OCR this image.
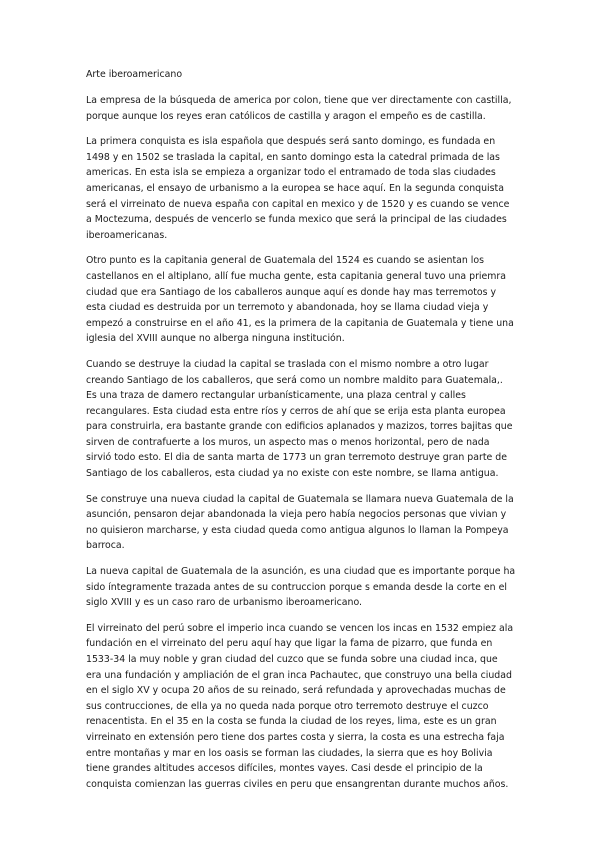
Arte iberoamericano

La empresa de la búsqueda de america por colon, tiene que ver directamente con castilla, porque aunque los reyes eran católicos de castilla y aragon el empeño es de castilla.

La primera conquista es isla española que después será santo domingo, es fundada en 1498 y en 1502 se traslada la capital, en santo domingo esta la catedral primada de las americas. En esta isla se empieza a organizar todo el entramado de toda slas ciudades americanas, el ensayo de urbanismo a la europea se hace aquí. En la segunda conquista será el virreinato de nueva españa con capital en mexico y de 1520 y es cuando se vence a Moctezuma, después de vencerlo se funda mexico que será la principal de las ciudades iberoamericanas.

Otro punto es la capitania general de Guatemala del 1524 es cuando se asientan los castellanos en el altiplano, allí fue mucha gente, esta capitania general tuvo una priemra ciudad que era Santiago de los caballeros aunque aquí es donde hay mas terremotos y esta ciudad es destruida por un terremoto y abandonada, hoy se llama ciudad vieja y empezó a construirse en el año 41, es la primera de la capitania de Guatemala y tiene una iglesia del XVIII aunque no alberga ninguna institución.

Cuando se destruye la ciudad la capital se traslada con el mismo nombre a otro lugar creando Santiago de los caballeros, que será como un nombre maldito para Guatemala,. Es una traza de damero rectangular urbanísticamente, una plaza central y calles recangulares. Esta ciudad esta entre ríos y cerros de ahí que se erija esta planta europea para construirla, era bastante grande con edificios aplanados y mazizos, torres bajitas que sirven de contrafuerte a los muros, un aspecto mas o menos horizontal, pero de nada sirvió todo esto. El dia de santa marta de 1773 un gran terremoto destruye gran parte de Santiago de los caballeros, esta ciudad ya no existe con este nombre, se llama antigua.

Se construye una nueva ciudad la capital de Guatemala se llamara nueva Guatemala de la asunción, pensaron dejar abandonada la vieja pero había negocios personas que vivian y no quisieron marcharse, y esta ciudad queda como antigua algunos lo llaman la Pompeya barroca.

La nueva capital de Guatemala de la asunción, es una ciudad que es importante porque ha sido íntegramente trazada antes de su contruccion porque s emanda desde la corte en el siglo XVIII y es un caso raro de urbanismo iberoamericano.

El virreinato del perú sobre el imperio inca cuando se vencen los incas en 1532 empiez ala fundación en el virreinato del peru aquí hay que ligar la fama de pizarro, que funda en 1533-34 la muy noble y gran ciudad del cuzco que se funda sobre una ciudad inca, que era una fundación y ampliación de el gran inca Pachautec, que construyo una bella ciudad en el siglo XV y ocupa 20 años de su reinado, será refundada y aprovechadas muchas de sus contrucciones, de ella ya no queda nada porque otro terremoto destruye el cuzco renacentista. En el 35 en la costa se funda la ciudad de los reyes, lima, este es un gran virreinato en extensión pero tiene dos partes costa y sierra, la costa es una estrecha faja entre montañas y mar en los oasis se forman las ciudades, la sierra que es hoy Bolivia tiene grandes altitudes accesos difíciles, montes vayes. Casi desde el principio de la conquista comienzan las guerras civiles en peru que ensangrentan durante muchos años.
